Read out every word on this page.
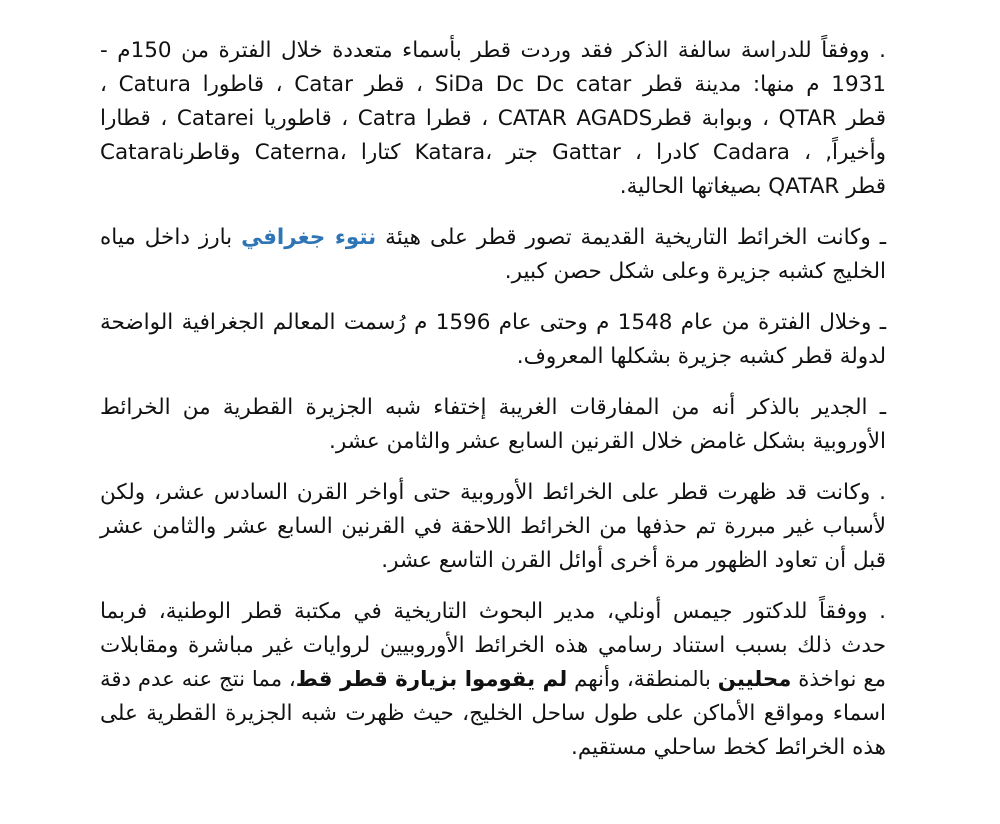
. ووفقاً للدراسة سالفة الذكر فقد وردت قطر بأسماء متعددة خلال الفترة من 150م -
1931 م منها: مدينة قطر SiDa Dc Dc catar ، قطر Catar ، قاطورا Catura ،
قطر QTAR ، وبوابة قطرCATAR AGADS ، قطرا Catra ، قاطوريا Catarei ، قطارا
Cataraوقاطرنا Caterna، كتارا Katara، جتر Gattar ، كادرا Cadara ، ,وأخيراً
قطر QATAR بصيغاتها الحالية.
ـ وكانت الخرائط التاريخية القديمة تصور قطر على هيئة نتوء جغرافي بارز داخل مياه
الخليج كشبه جزيرة وعلى شكل حصن كبير.
ـ وخلال الفترة من عام 1548 م وحتى عام 1596 م رُسمت المعالم الجغرافية الواضحة
لدولة قطر كشبه جزيرة بشكلها المعروف.
ـ الجدير بالذكر أنه من المفارقات الغريبة إختفاء شبه الجزيرة القطرية من الخرائط
الأوروبية بشكل غامض خلال القرنين السابع عشر والثامن عشر.
. وكانت قد ظهرت قطر على الخرائط الأوروبية حتى أواخر القرن السادس عشر، ولكن
لأسباب غير مبررة تم حذفها من الخرائط اللاحقة في القرنين السابع عشر والثامن عشر
قبل أن تعاود الظهور مرة أخرى أوائل القرن التاسع عشر.
. ووفقاً للدكتور جيمس أونلي، مدير البحوث التاريخية في مكتبة قطر الوطنية، فربما
حدث ذلك بسبب استناد رسامي هذه الخرائط الأوروبيين لروايات غير مباشرة ومقابلات
مع نواخذة محليين بالمنطقة، وأنهم لم يقوموا بزيارة قطر قط، مما نتج عنه عدم دقة
اسماء ومواقع الأماكن على طول ساحل الخليج، حيث ظهرت شبه الجزيرة القطرية على
هذه الخرائط كخط ساحلي مستقيم.
